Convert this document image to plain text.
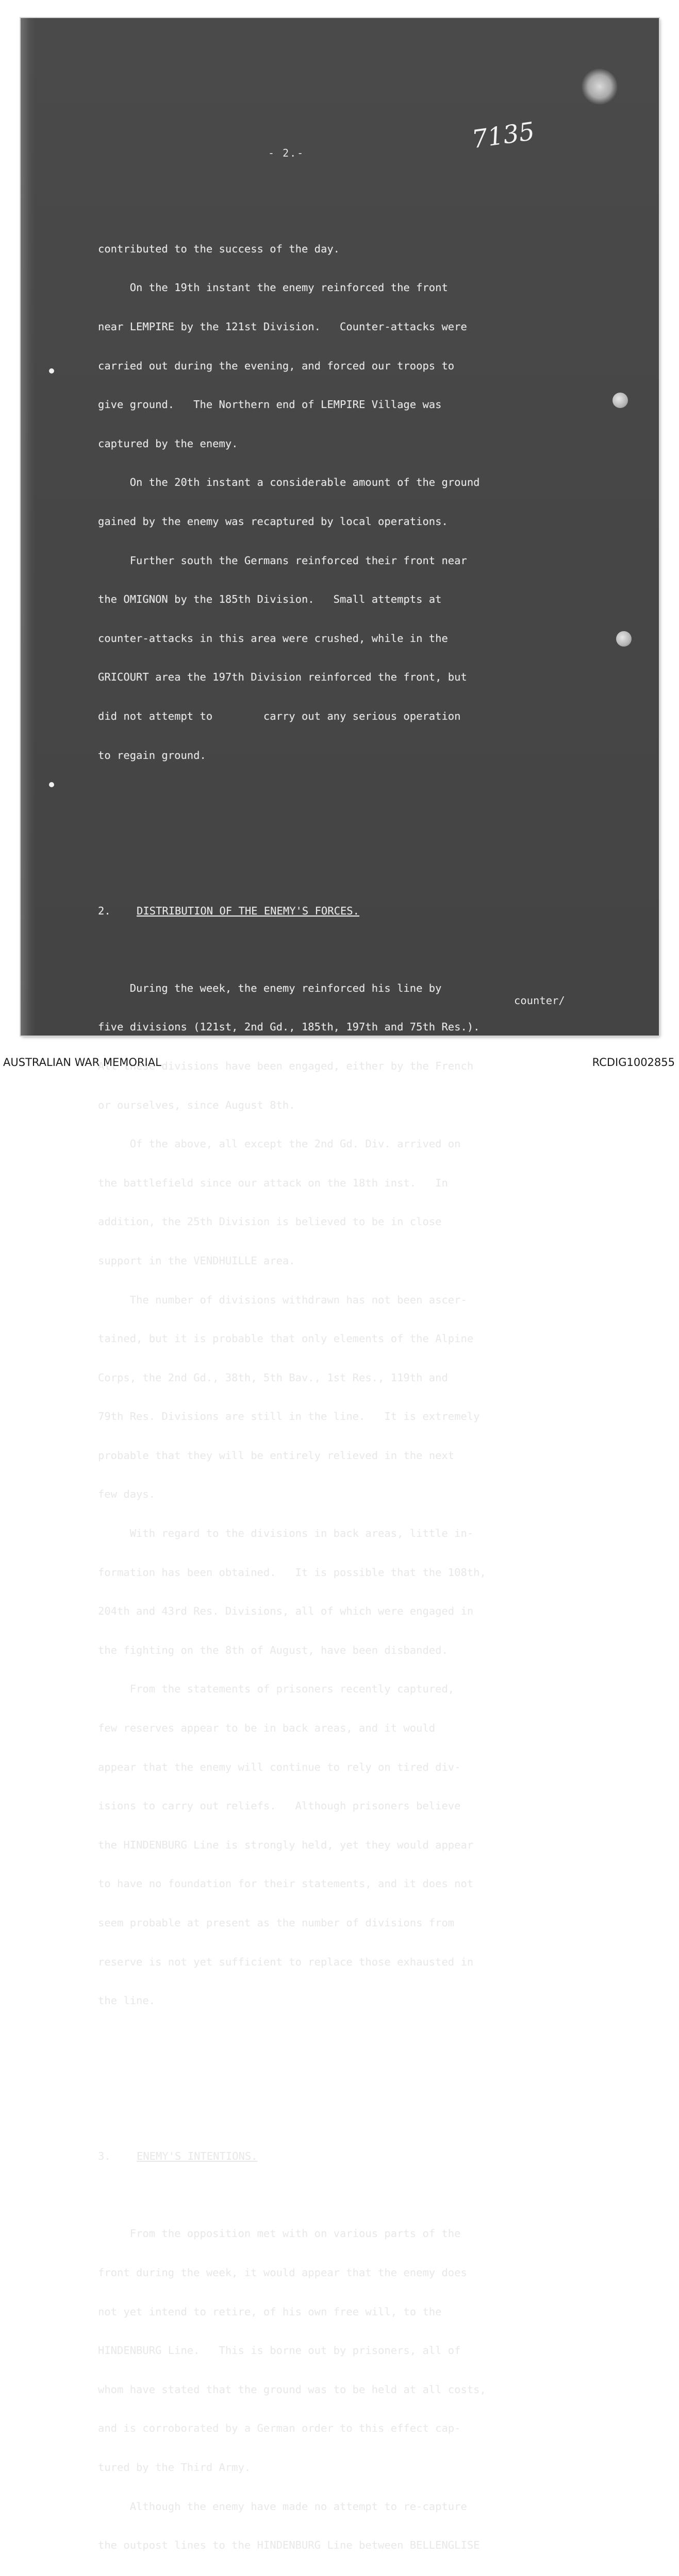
- 2.-	7135

contributed to the success of the day.

On the 19th instant the enemy reinforced the front

near LEMPIRE by the 121st Division.   Counter-attacks were

carried out during the evening, and forced our troops to

give ground.   The Northern end of LEMPIRE Village was

captured by the enemy.

On the 20th instant a considerable amount of the ground

gained by the enemy was recaptured by local operations.

Further south the Germans reinforced their front near

the OMIGNON by the 185th Division.   Small attempts at

counter-attacks in this area were crushed, while in the

GRICOURT area the 197th Division reinforced the front, but

did not attempt to        carry out any serious operation

to regain ground.

2. DISTRIBUTION OF THE ENEMY'S FORCES.

During the week, the enemy reinforced his line by

five divisions (121st, 2nd Gd., 185th, 197th and 75th Res.).

All these divisions have been engaged, either by the French

or ourselves, since August 8th.

Of the above, all except the 2nd Gd. Div. arrived on

the battlefield since our attack on the 18th inst.   In

addition, the 25th Division is believed to be in close

support in the VENDHUILLE area.

The number of divisions withdrawn has not been ascer-

tained, but it is probable that only elements of the Alpine

Corps, the 2nd Gd., 38th, 5th Bav., 1st Res., 119th and

79th Res. Divisions are still in the line.   It is extremely

probable that they will be entirely relieved in the next

few days.

With regard to the divisions in back areas, little in-

formation has been obtained.   It is possible that the 108th,

204th and 43rd Res. Divisions, all of which were engaged in

the fighting on the 8th of August, have been disbanded.

From the statements of prisoners recently captured,

few reserves appear to be in back areas, and it would

appear that the enemy will continue to rely on tired div-

isions to carry out reliefs.   Although prisoners believe

the HINDENBURG Line is strongly held, yet they would appear

to have no foundation for their statements, and it does not

seem probable at present as the number of divisions from

reserve is not yet sufficient to replace those exhausted in

the line.

3. ENEMY'S INTENTIONS.

From the opposition met with on various parts of the

front during the week, it would appear that the enemy does

not yet intend to retire, of his own free will, to the

HINDENBURG Line.   This is borne out by prisoners, all of

whom have stated that the ground was to be held at all costs,

and is corroborated by a German order to this effect cap-

tured by the Third Army.

Although the enemy have made no attempt to re-capture

the outpost lines to the HINDENBURG Line between BELLENGLISE

counter/
AUSTRALIAN WAR MEMORIAL	RCDIG1002855
